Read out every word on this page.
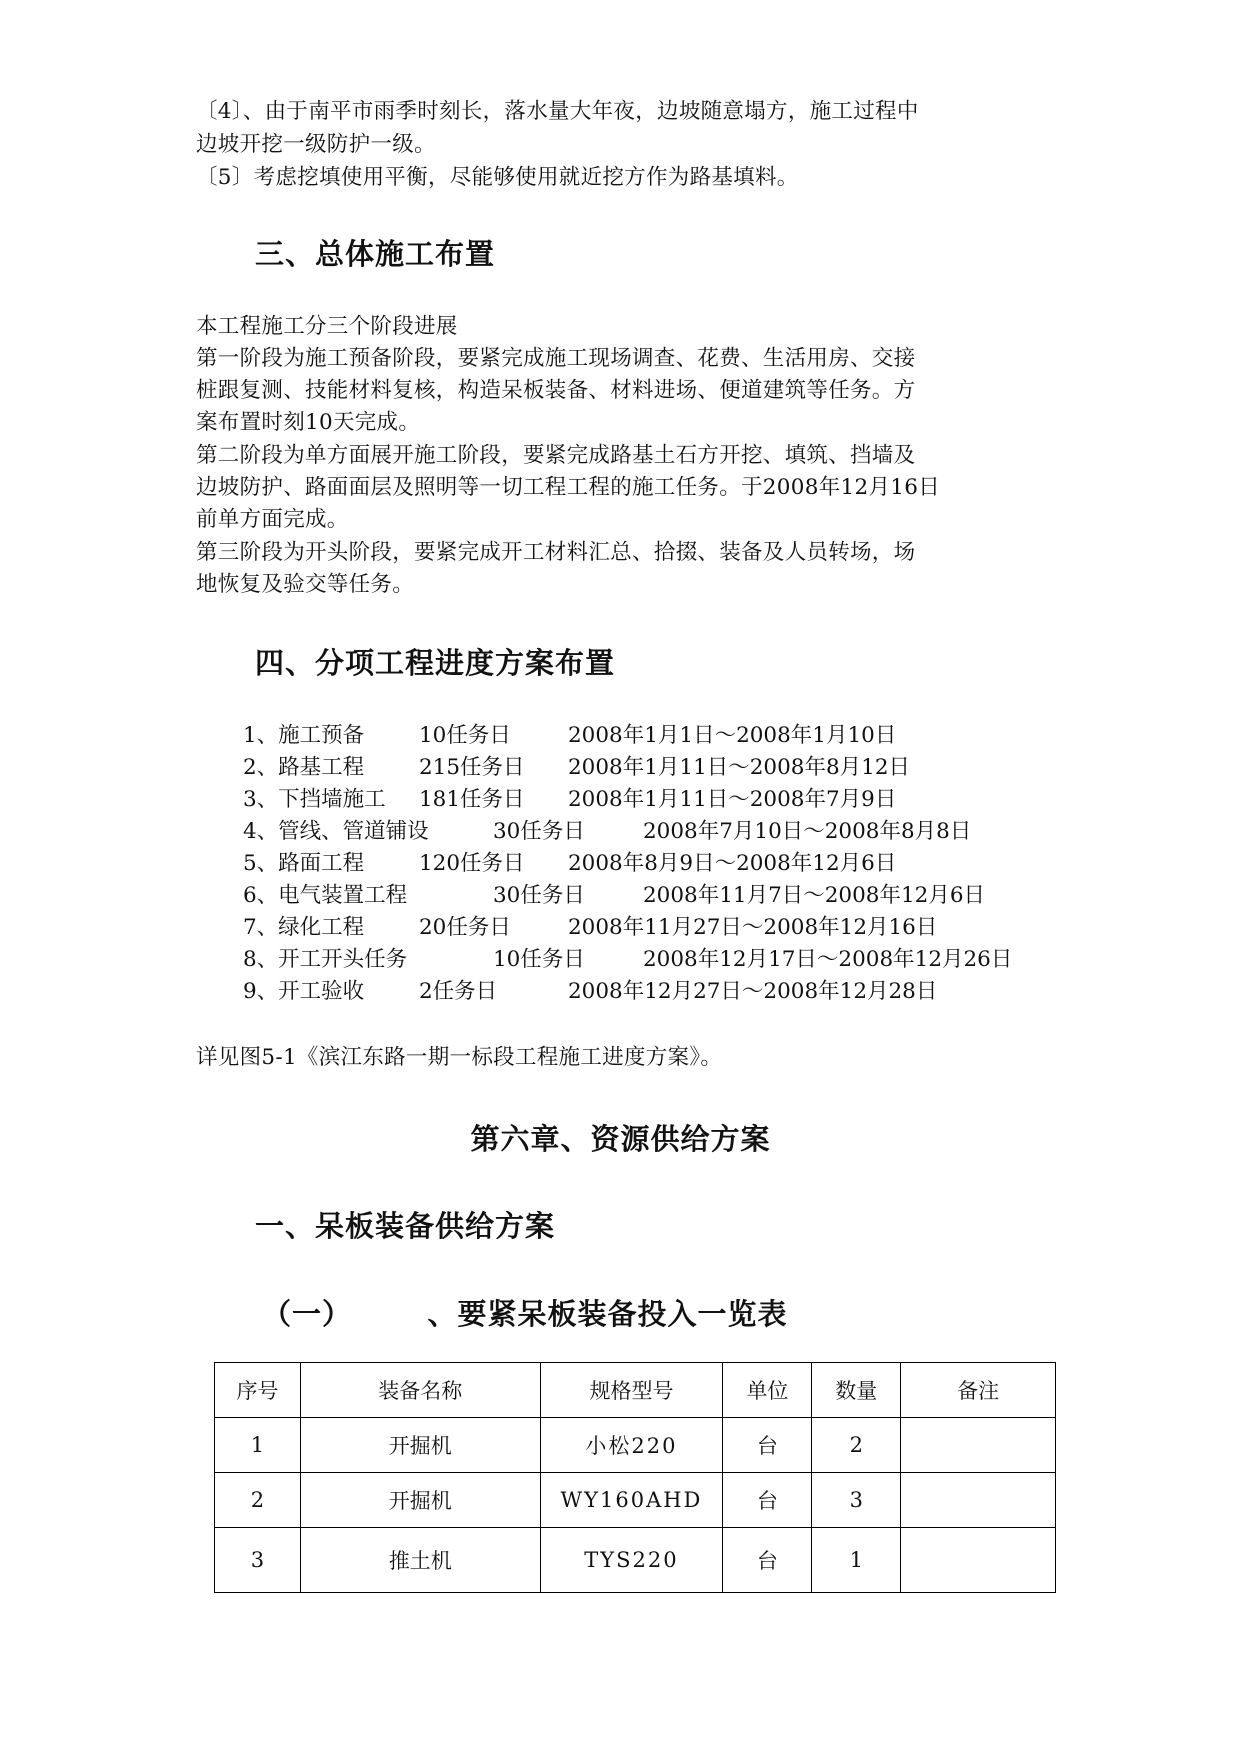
〔4〕、由于南平市雨季时刻长，落水量大年夜，边坡随意塌方，施工过程中
边坡开挖一级防护一级。
〔5〕考虑挖填使用平衡，尽能够使用就近挖方作为路基填料。
三、总体施工布置
本工程施工分三个阶段进展
第一阶段为施工预备阶段，要紧完成施工现场调查、花费、生活用房、交接
桩跟复测、技能材料复核，构造呆板装备、材料进场、便道建筑等任务。方
案布置时刻10天完成。
第二阶段为单方面展开施工阶段，要紧完成路基土石方开挖、填筑、挡墙及
边坡防护、路面面层及照明等一切工程工程的施工任务。于2008年12月16日
前单方面完成。
第三阶段为开头阶段，要紧完成开工材料汇总、拾掇、装备及人员转场，场
地恢复及验交等任务。
四、分项工程进度方案布置
1、施工预备	10任务日	2008年1月1日～2008年1月10日
2、路基工程	215任务日 2008年1月11日～2008年8月12日
3、下挡墙施工 181任务日 2008年1月11日～2008年7月9日
4、管线、管道铺设	30任务日	2008年7月10日～2008年8月8日
5、路面工程	120任务日 2008年8月9日～2008年12月6日
6、电气装置工程	30任务日	2008年11月7日～2008年12月6日
7、绿化工程	20任务日	2008年11月27日～2008年12月16日
8、开工开头任务	10任务日	2008年12月17日～2008年12月26日
9、开工验收	2任务日	2008年12月27日～2008年12月28日
详见图5-1《滨江东路一期一标段工程施工进度方案》。
第六章、资源供给方案
一、呆板装备供给方案
（一）　　　、要紧呆板装备投入一览表
序号	装备名称	规格型号	单位	数量	备注
1	开掘机	小松220	台	2	
2	开掘机	WY160AHD	台	3	
3	推土机	TYS220	台	1	
